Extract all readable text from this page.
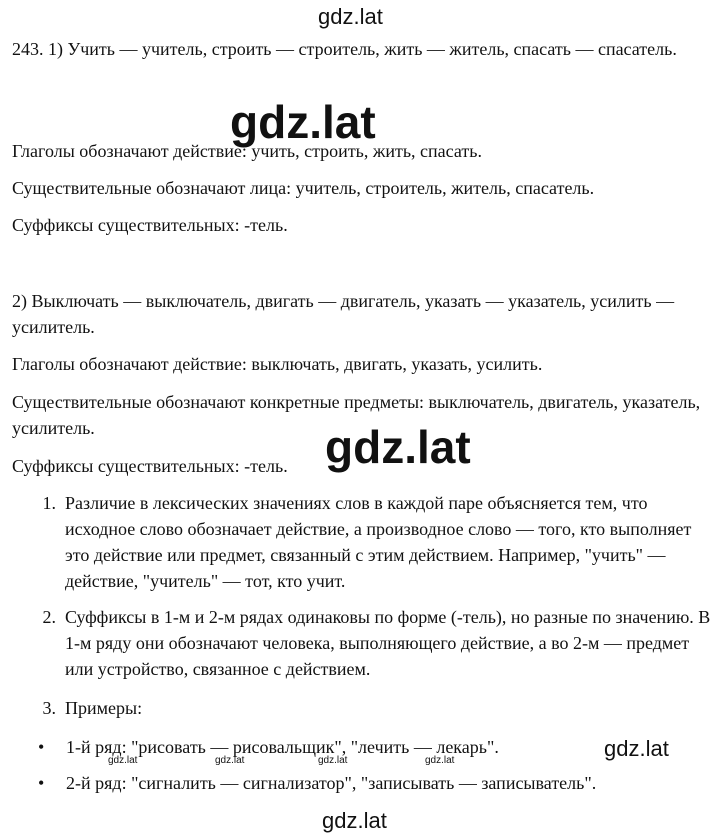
gdz.lat

243. 1) Учить — учитель, строить — строитель, жить — житель, спасать — спасатель.

gdz.lat

Глаголы обозначают действие: учить, строить, жить, спасать.

Существительные обозначают лица: учитель, строитель, житель, спасатель.

Суффиксы существительных: -тель.

2) Выключать — выключатель, двигать — двигатель, указать — указатель, усилить — усилитель.

Глаголы обозначают действие: выключать, двигать, указать, усилить.

Существительные обозначают конкретные предметы: выключатель, двигатель, указатель, усилитель.

Суффиксы существительных: -тель. gdz.lat
1. Различие в лексических значениях слов в каждой паре объясняется тем, что исходное слово обозначает действие, а производное слово — того, кто выполняет это действие или предмет, связанный с этим действием. Например, "учить" — действие, "учитель" — тот, кто учит.
2. Суффиксы в 1-м и 2-м рядах одинаковы по форме (-тель), но разные по значению. В 1-м ряду они обозначают человека, выполняющего действие, а во 2-м — предмет или устройство, связанное с действием.
3. Примеры:
• 1-й ряд: "рисовать — рисовальщик", "лечить — лекарь".	gdz.lat
gdz.lat	gdz.lat	gdz.lat	gdz.lat
• 2-й ряд: "сигналить — сигнализатор", "записывать — записыватель".
gdz.lat
